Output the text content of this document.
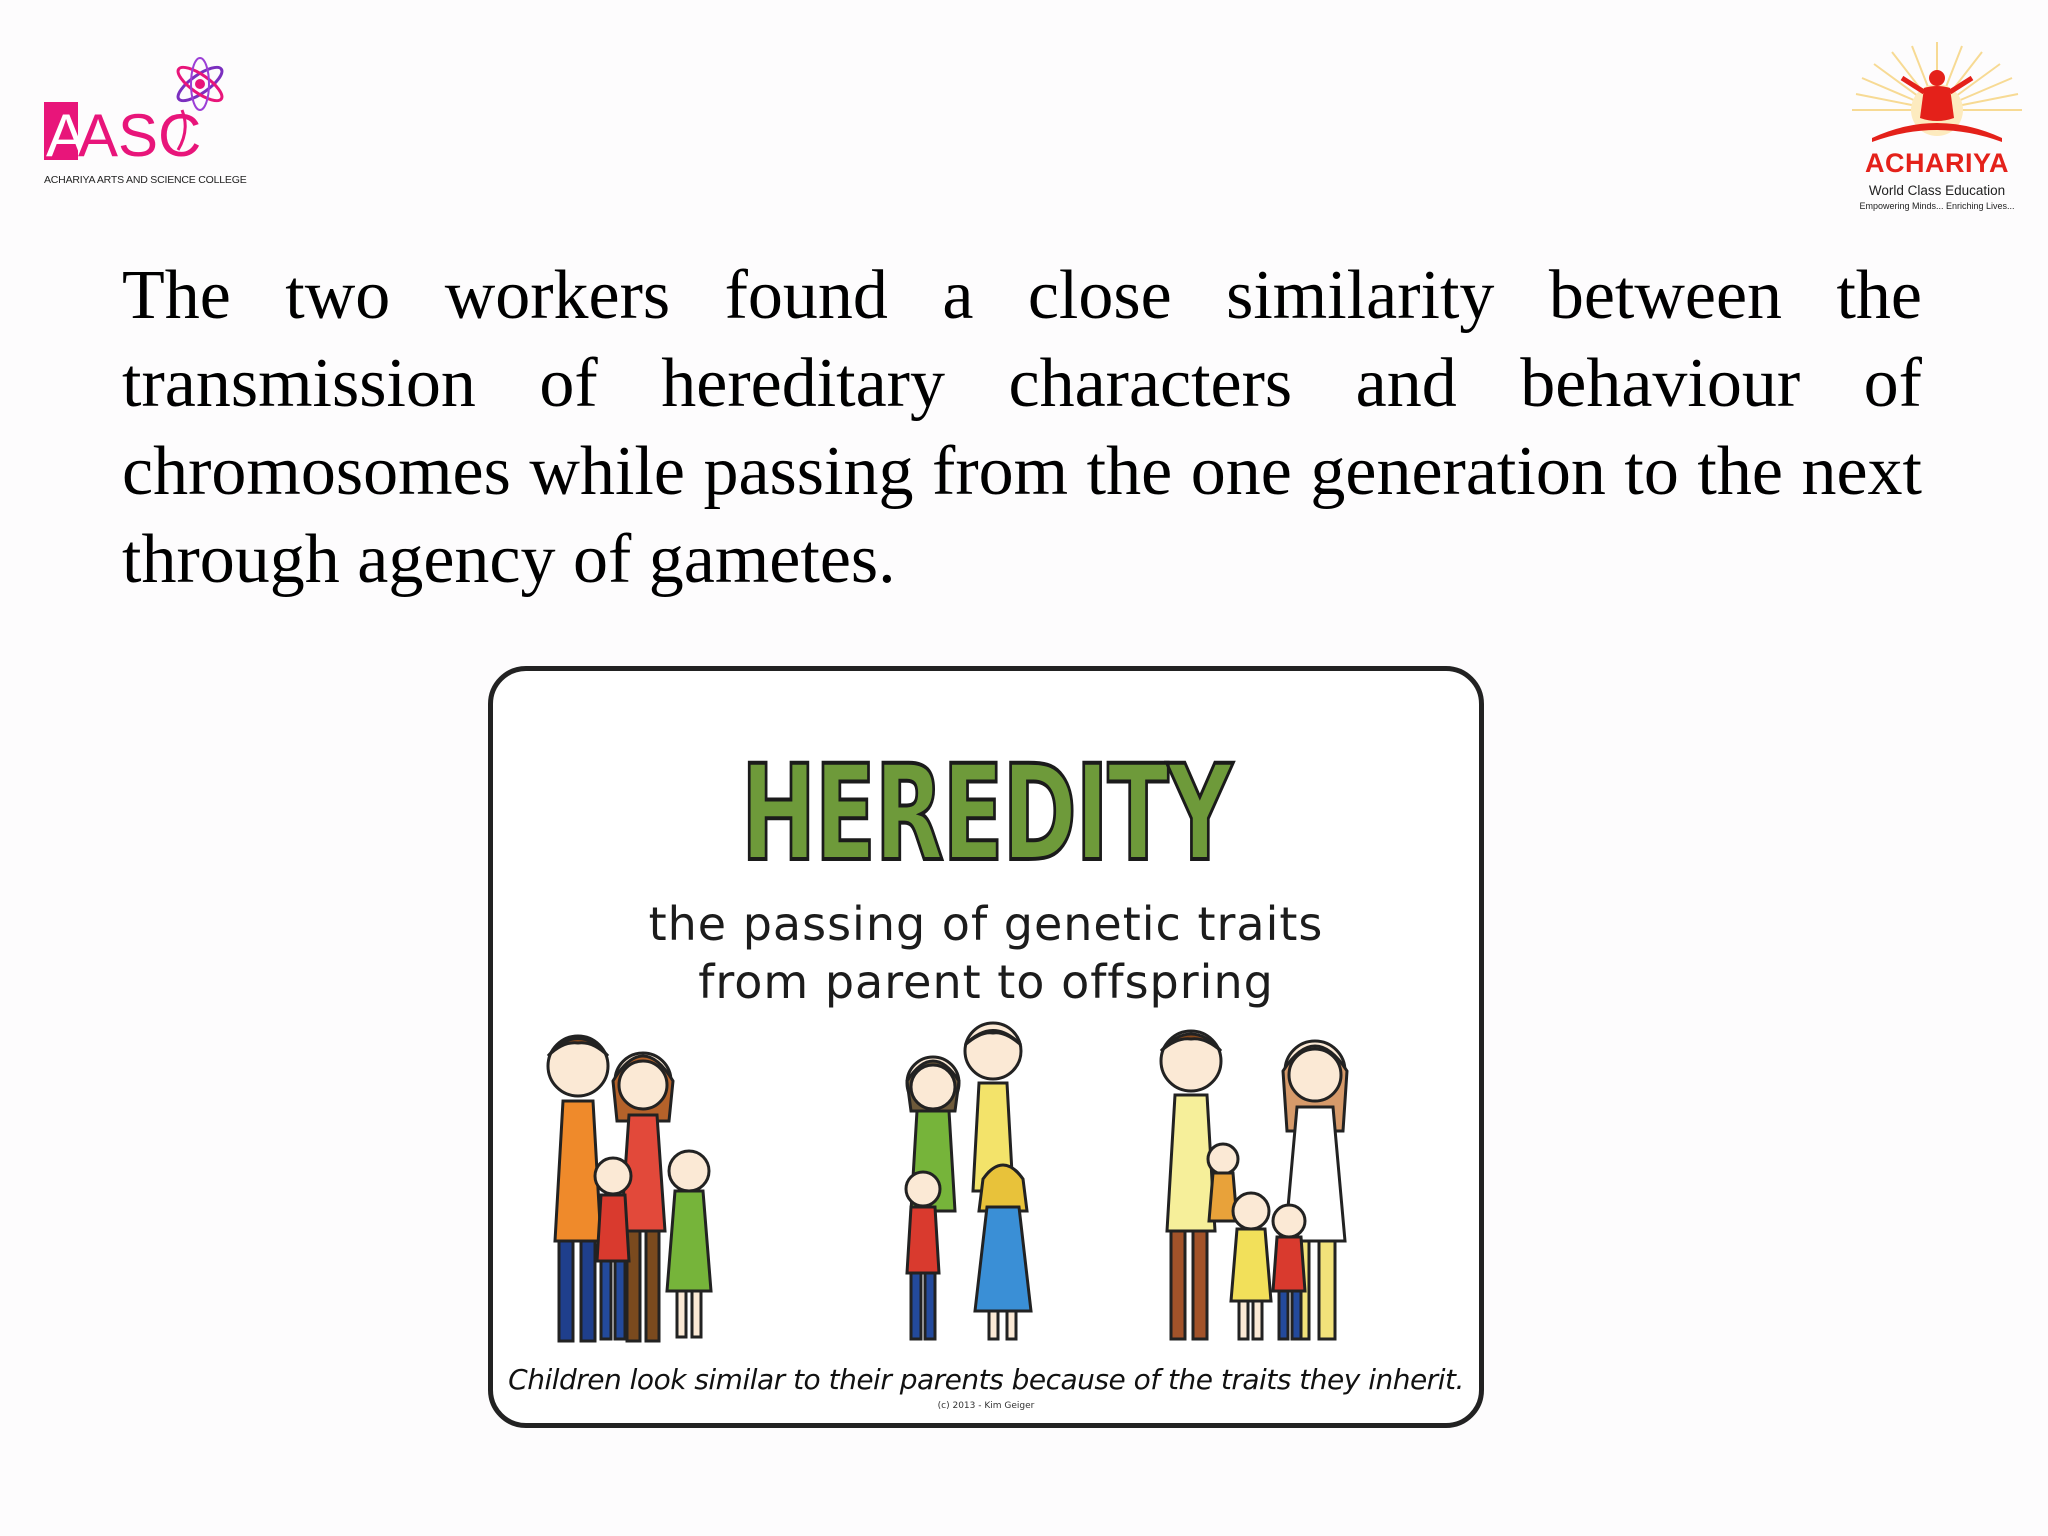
A
ASC
ACHARIYA ARTS AND SCIENCE COLLEGE
ACHARIYA
World Class Education
Empowering Minds... Enriching Lives...
The two workers found a close similarity between the transmission of hereditary characters and behaviour of chromosomes while passing from the one generation to the next through agency of gametes.
HEREDITY
the passing of genetic traits
from parent to offspring
Children look similar to their parents because of the traits they inherit.
(c) 2013 - Kim Geiger
